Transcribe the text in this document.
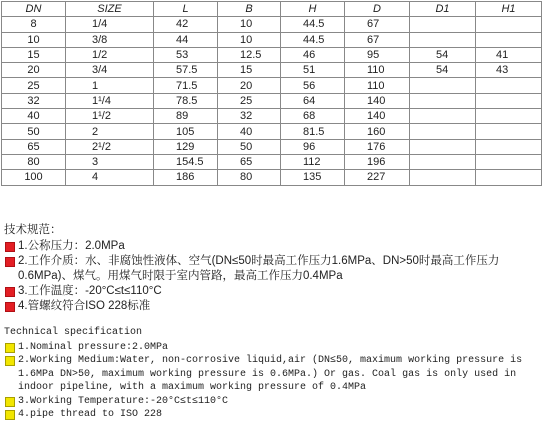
DN	SIZE	L	B	H	D	D1	H1
8	1/4	42	10	44.5	67		
10	3/8	44	10	44.5	67		
15	1/2	53	12.5	46	95	54	41
20	3/4	57.5	15	51	110	54	43
25	1	71.5	20	56	110		
32	1¹/4	78.5	25	64	140		
40	1¹/2	89	32	68	140		
50	2	105	40	81.5	160		
65	2¹/2	129	50	96	176		
80	3	154.5	65	112	196		
100	4	186	80	135	227		
技术规范：
1.公称压力：2.0MPa
2.工作介质：水、非腐蚀性液体、空气(DN≤50时最高工作压力1.6MPa、DN>50时最高工作压力0.6MPa)、煤气。用煤气时限于室内管路，最高工作压力0.4MPa
3.工作温度：-20°C≤t≤110°C
4.管螺纹符合ISO 228标准
Technical specification
1.Nominal pressure:2.0MPa
2.Working Medium:Water, non-corrosive liquid,air (DN≤50, maximum working pressure is 1.6MPa DN>50, maximum working pressure is 0.6MPa.) Or gas. Coal gas is only used in indoor pipeline, with a maximum working pressure of 0.4MPa
3.Working Temperature:-20°C≤t≤110°C
4.pipe thread to ISO 228
